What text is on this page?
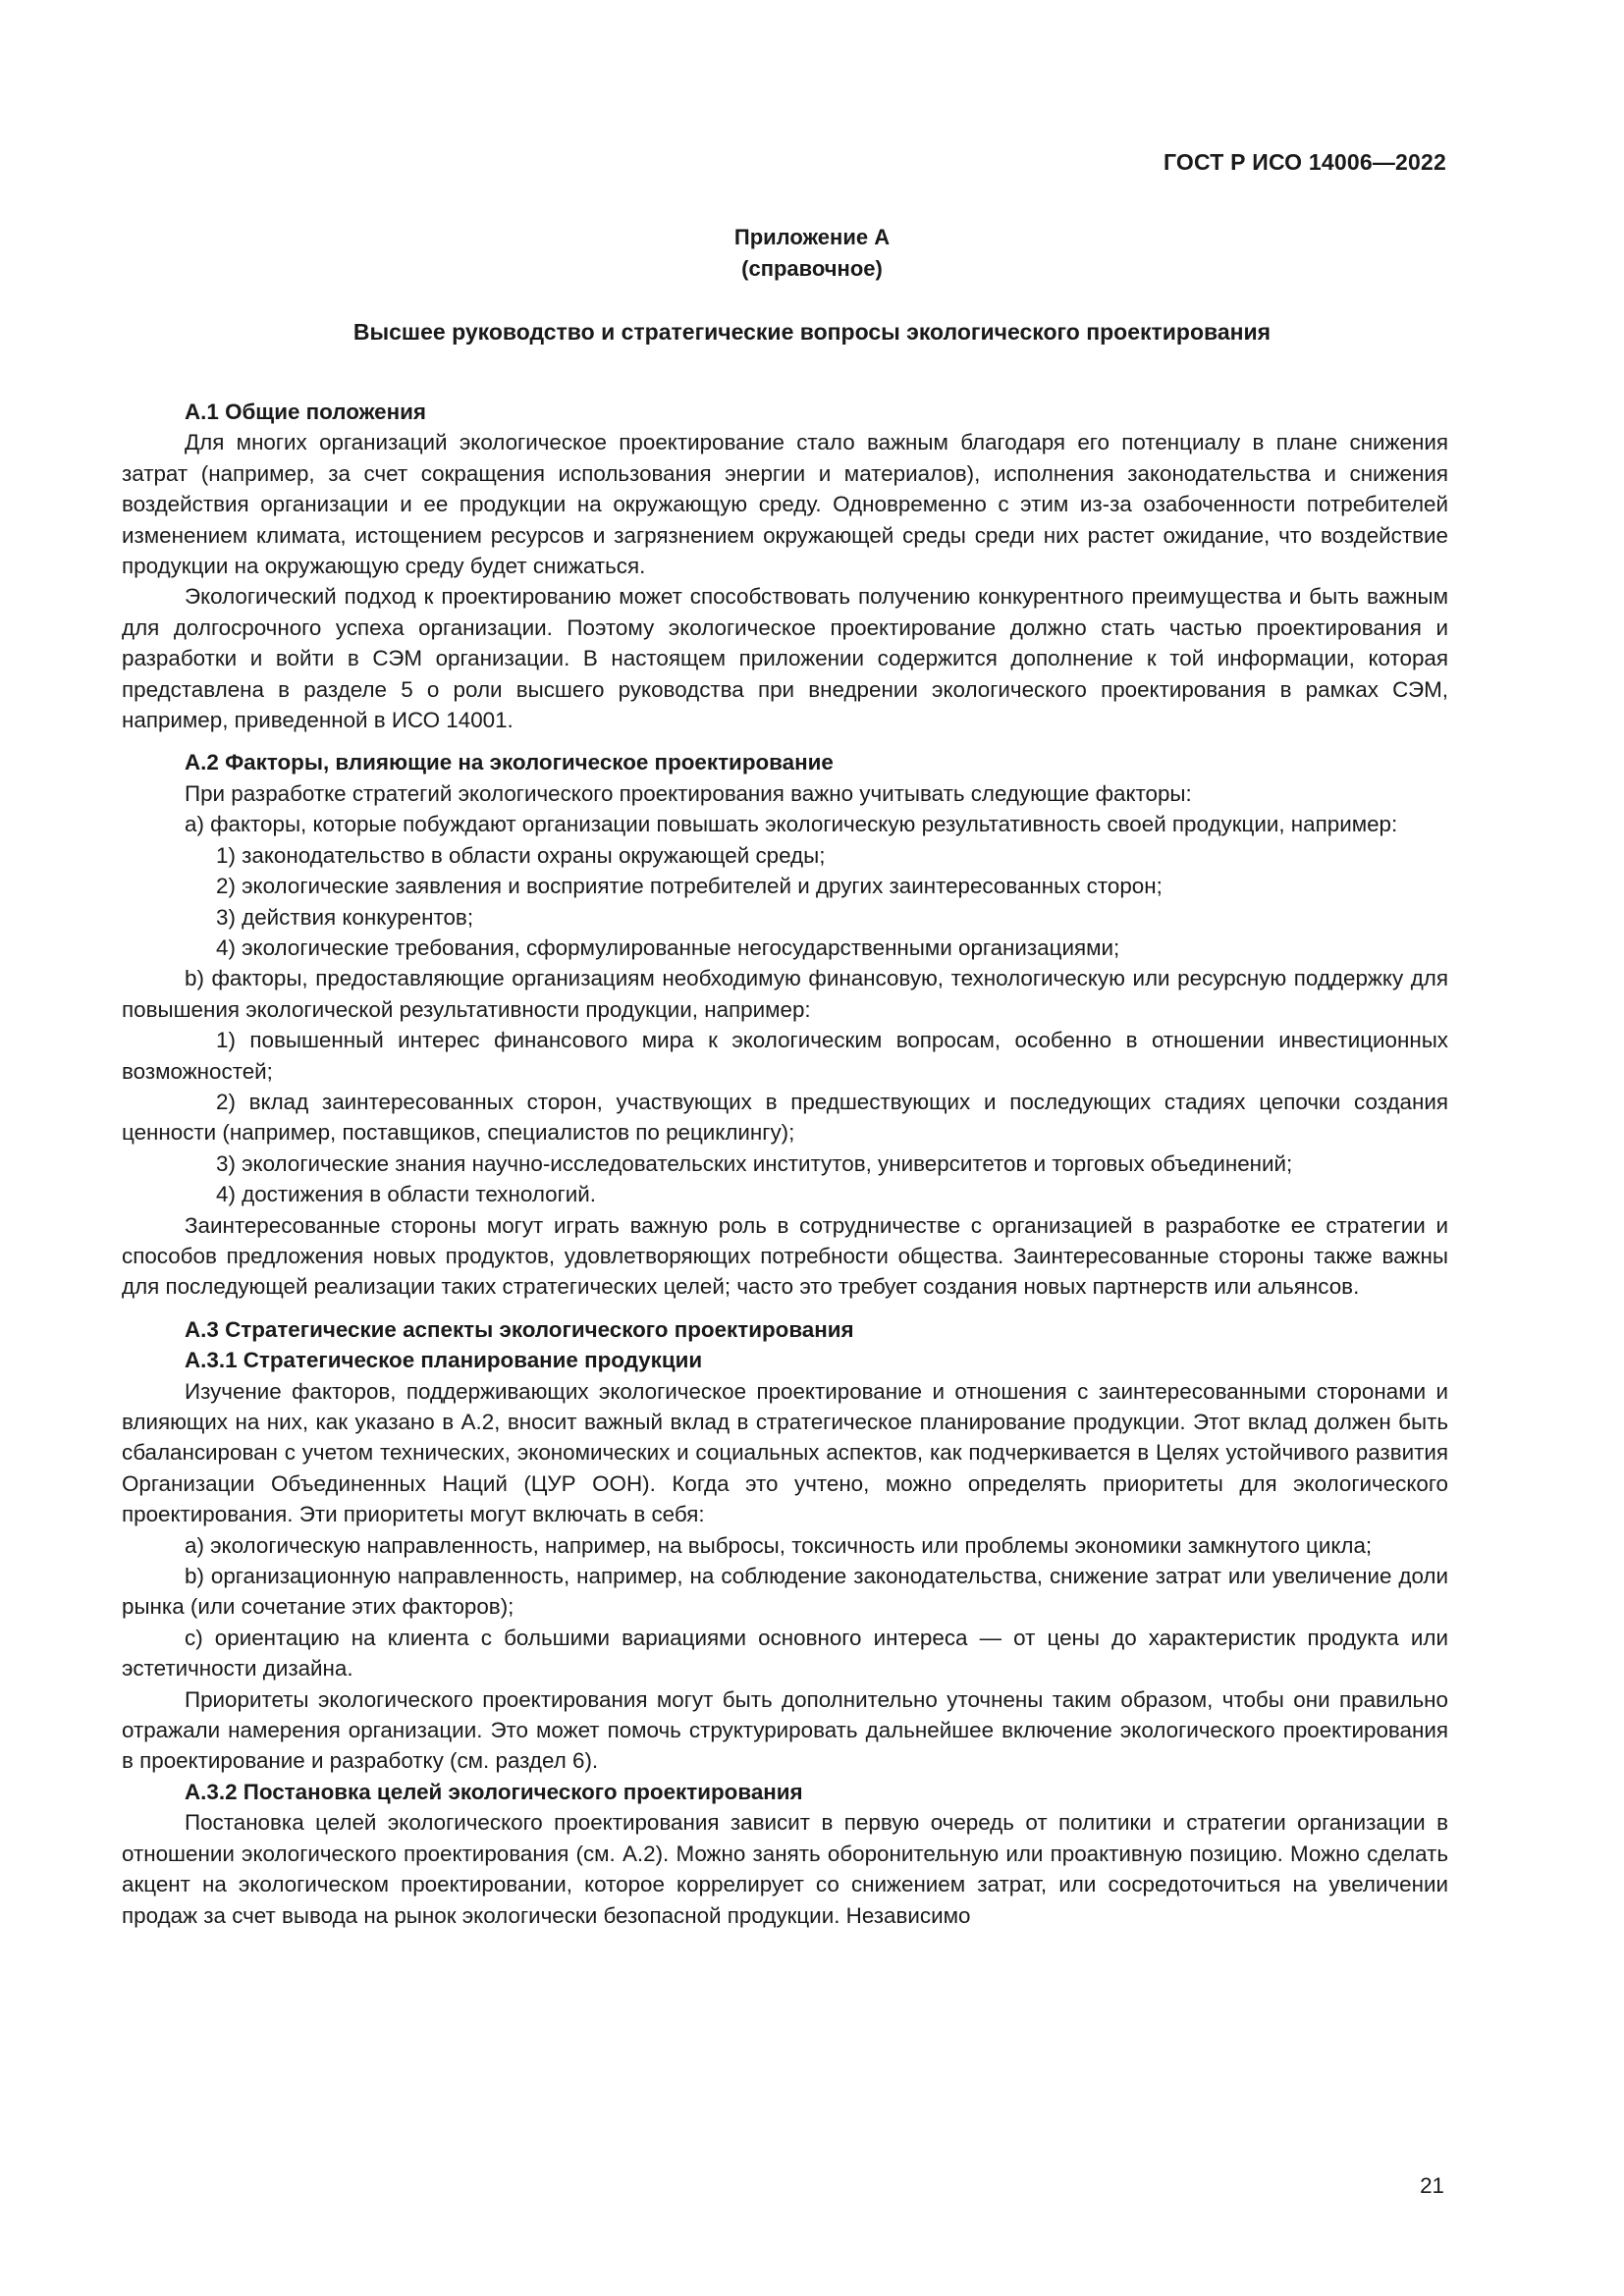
ГОСТ Р ИСО 14006—2022
Приложение А
(справочное)
Высшее руководство и стратегические вопросы экологического проектирования
А.1 Общие положения

Для многих организаций экологическое проектирование стало важным благодаря его потенциалу в плане снижения затрат (например, за счет сокращения использования энергии и материалов), исполнения законодательства и снижения воздействия организации и ее продукции на окружающую среду. Одновременно с этим из-за озабоченности потребителей изменением климата, истощением ресурсов и загрязнением окружающей среды среди них растет ожидание, что воздействие продукции на окружающую среду будет снижаться.

Экологический подход к проектированию может способствовать получению конкурентного преимущества и быть важным для долгосрочного успеха организации. Поэтому экологическое проектирование должно стать частью проектирования и разработки и войти в СЭМ организации. В настоящем приложении содержится дополнение к той информации, которая представлена в разделе 5 о роли высшего руководства при внедрении экологического проектирования в рамках СЭМ, например, приведенной в ИСО 14001.

А.2 Факторы, влияющие на экологическое проектирование

При разработке стратегий экологического проектирования важно учитывать следующие факторы:

a) факторы, которые побуждают организации повышать экологическую результативность своей продукции, например:

1) законодательство в области охраны окружающей среды;

2) экологические заявления и восприятие потребителей и других заинтересованных сторон;

3) действия конкурентов;

4) экологические требования, сформулированные негосударственными организациями;

b) факторы, предоставляющие организациям необходимую финансовую, технологическую или ресурсную поддержку для повышения экологической результативности продукции, например:

1) повышенный интерес финансового мира к экологическим вопросам, особенно в отношении инвестиционных возможностей;

2) вклад заинтересованных сторон, участвующих в предшествующих и последующих стадиях цепочки создания ценности (например, поставщиков, специалистов по рециклингу);

3) экологические знания научно-исследовательских институтов, университетов и торговых объединений;

4) достижения в области технологий.

Заинтересованные стороны могут играть важную роль в сотрудничестве с организацией в разработке ее стратегии и способов предложения новых продуктов, удовлетворяющих потребности общества. Заинтересованные стороны также важны для последующей реализации таких стратегических целей; часто это требует создания новых партнерств или альянсов.

А.3 Стратегические аспекты экологического проектирования
А.3.1 Стратегическое планирование продукции

Изучение факторов, поддерживающих экологическое проектирование и отношения с заинтересованными сторонами и влияющих на них, как указано в А.2, вносит важный вклад в стратегическое планирование продукции. Этот вклад должен быть сбалансирован с учетом технических, экономических и социальных аспектов, как подчеркивается в Целях устойчивого развития Организации Объединенных Наций (ЦУР ООН). Когда это учтено, можно определять приоритеты для экологического проектирования. Эти приоритеты могут включать в себя:

a) экологическую направленность, например, на выбросы, токсичность или проблемы экономики замкнутого цикла;

b) организационную направленность, например, на соблюдение законодательства, снижение затрат или увеличение доли рынка (или сочетание этих факторов);

c) ориентацию на клиента с большими вариациями основного интереса — от цены до характеристик продукта или эстетичности дизайна.

Приоритеты экологического проектирования могут быть дополнительно уточнены таким образом, чтобы они правильно отражали намерения организации. Это может помочь структурировать дальнейшее включение экологического проектирования в проектирование и разработку (см. раздел 6).

А.3.2 Постановка целей экологического проектирования

Постановка целей экологического проектирования зависит в первую очередь от политики и стратегии организации в отношении экологического проектирования (см. А.2). Можно занять оборонительную или проактивную позицию. Можно сделать акцент на экологическом проектировании, которое коррелирует со снижением затрат, или сосредоточиться на увеличении продаж за счет вывода на рынок экологически безопасной продукции. Независимо

21
